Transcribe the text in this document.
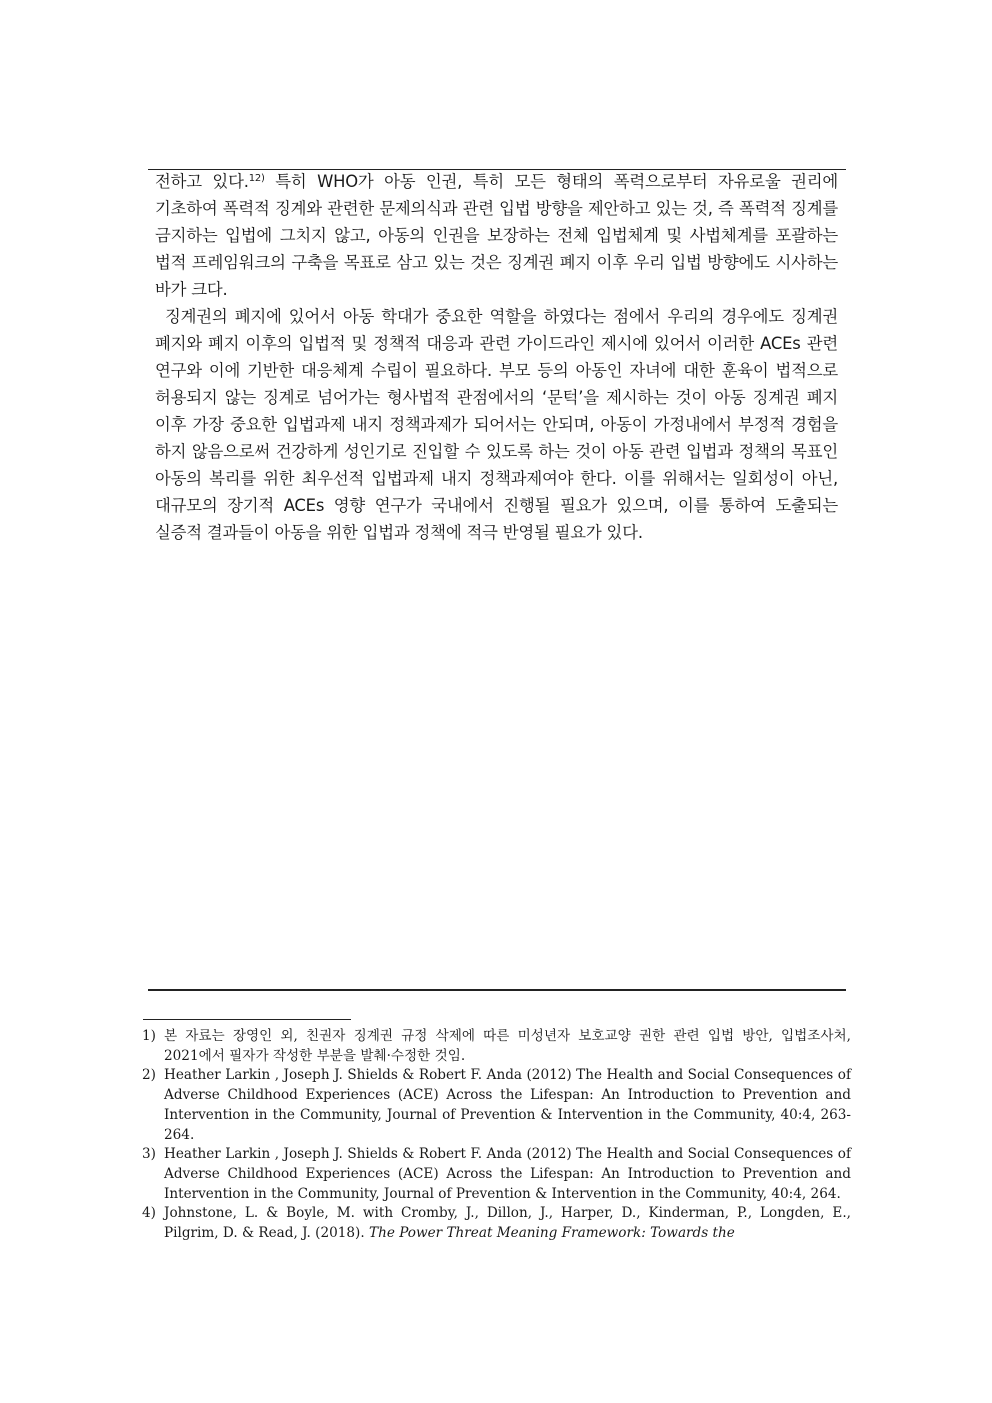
전하고 있다.$^{12)}$ 특히 WHO가 아동 인권, 특히 모든 형태의 폭력으로부터 자유로울 권리에 기초하여 폭력적 징계와 관련한 문제의식과 관련 입법 방향을 제안하고 있는 것, 즉 폭력적 징계를 금지하는 입법에 그치지 않고, 아동의 인권을 보장하는 전체 입법체계 및 사법체계를 포괄하는 법적 프레임워크의 구축을 목표로 삼고 있는 것은 징계권 폐지 이후 우리 입법 방향에도 시사하는 바가 크다.

징계권의 폐지에 있어서 아동 학대가 중요한 역할을 하였다는 점에서 우리의 경우에도 징계권 폐지와 폐지 이후의 입법적 및 정책적 대응과 관련 가이드라인 제시에 있어서 이러한 ACEs 관련 연구와 이에 기반한 대응체계 수립이 필요하다. 부모 등의 아동인 자녀에 대한 훈육이 법적으로 허용되지 않는 징계로 넘어가는 형사법적 관점에서의 ‘문턱’을 제시하는 것이 아동 징계권 폐지 이후 가장 중요한 입법과제 내지 정책과제가 되어서는 안되며, 아동이 가정내에서 부정적 경험을 하지 않음으로써 건강하게 성인기로 진입할 수 있도록 하는 것이 아동 관련 입법과 정책의 목표인 아동의 복리를 위한 최우선적 입법과제 내지 정책과제여야 한다. 이를 위해서는 일회성이 아닌, 대규모의 장기적 ACEs 영향 연구가 국내에서 진행될 필요가 있으며, 이를 통하여 도출되는 실증적 결과들이 아동을 위한 입법과 정책에 적극 반영될 필요가 있다.

1) 본 자료는 장영인 외, 친권자 징계권 규정 삭제에 따른 미성년자 보호교양 권한 관련 입법 방안, 입법조사처, 2021에서 필자가 작성한 부분을 발췌·수정한 것임.
2) Heather Larkin , Joseph J. Shields & Robert F. Anda (2012) The Health and Social Consequences of Adverse Childhood Experiences (ACE) Across the Lifespan: An Introduction to Prevention and Intervention in the Community, Journal of Prevention & Intervention in the Community, 40:4, 263-264.
3) Heather Larkin , Joseph J. Shields & Robert F. Anda (2012) The Health and Social Consequences of Adverse Childhood Experiences (ACE) Across the Lifespan: An Introduction to Prevention and Intervention in the Community, Journal of Prevention & Intervention in the Community, 40:4, 264.
4) Johnstone, L. & Boyle, M. with Cromby, J., Dillon, J., Harper, D., Kinderman, P., Longden, E., Pilgrim, D. & Read, J. (2018). The Power Threat Meaning Framework: Towards the
